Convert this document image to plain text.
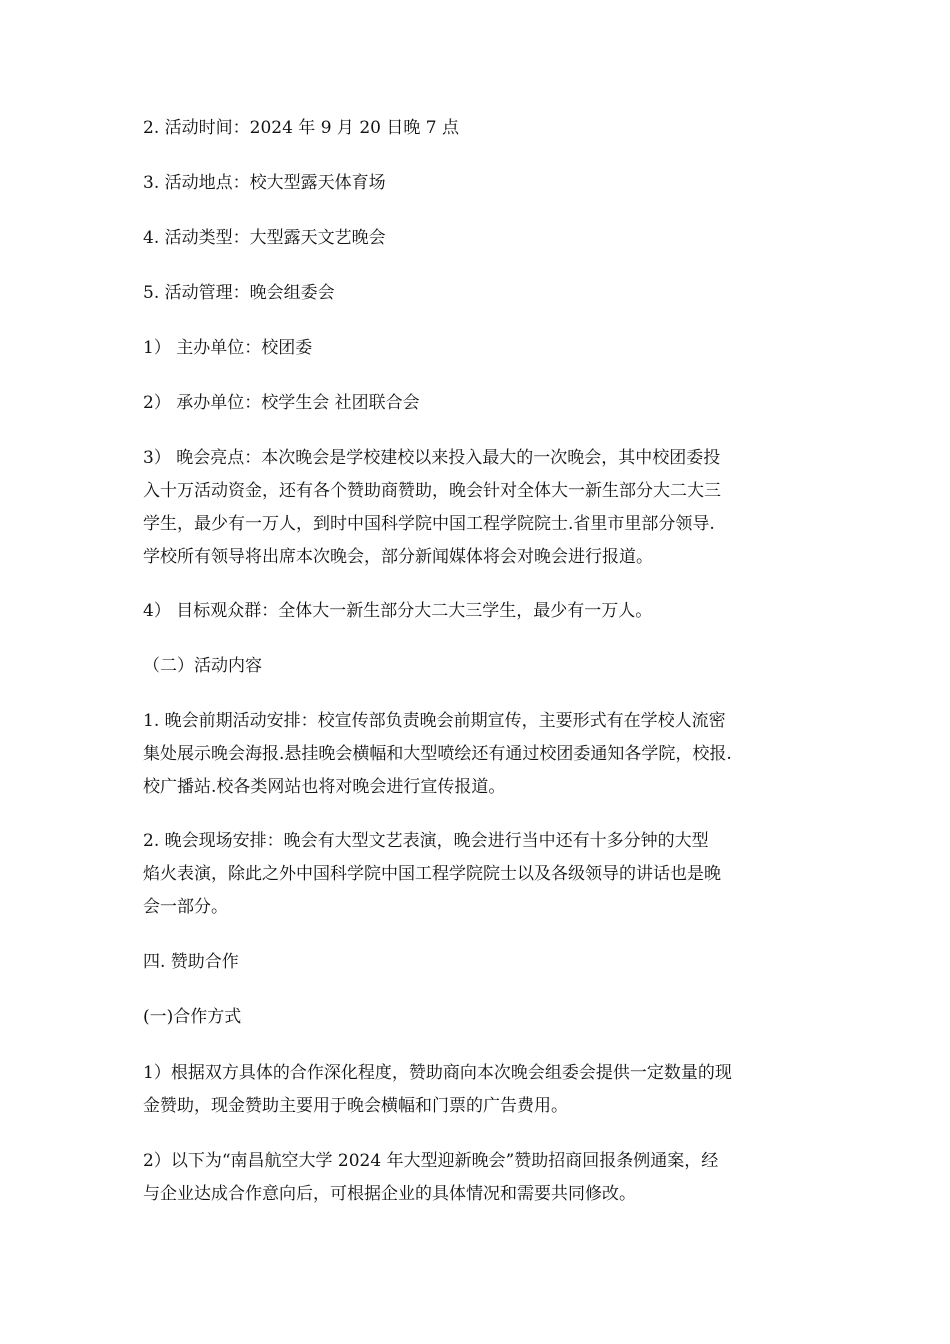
2. 活动时间：2024 年 9 月 20 日晚 7 点

3. 活动地点：校大型露天体育场

4. 活动类型：大型露天文艺晚会

5. 活动管理：晚会组委会

1） 主办单位：校团委

2） 承办单位：校学生会 社团联合会

3） 晚会亮点：本次晚会是学校建校以来投入最大的一次晚会，其中校团委投
入十万活动资金，还有各个赞助商赞助，晚会针对全体大一新生部分大二大三
学生，最少有一万人，到时中国科学院中国工程学院院士.省里市里部分领导.
学校所有领导将出席本次晚会，部分新闻媒体将会对晚会进行报道。

4） 目标观众群：全体大一新生部分大二大三学生，最少有一万人。

（二）活动内容

1. 晚会前期活动安排：校宣传部负责晚会前期宣传，主要形式有在学校人流密
集处展示晚会海报.悬挂晚会横幅和大型喷绘还有通过校团委通知各学院，校报.
校广播站.校各类网站也将对晚会进行宣传报道。

2. 晚会现场安排：晚会有大型文艺表演，晚会进行当中还有十多分钟的大型
焰火表演，除此之外中国科学院中国工程学院院士以及各级领导的讲话也是晚
会一部分。

四. 赞助合作

(一)合作方式

1）根据双方具体的合作深化程度，赞助商向本次晚会组委会提供一定数量的现
金赞助，现金赞助主要用于晚会横幅和门票的广告费用。

2）以下为“南昌航空大学 2024 年大型迎新晚会”赞助招商回报条例通案，经
与企业达成合作意向后，可根据企业的具体情况和需要共同修改。
